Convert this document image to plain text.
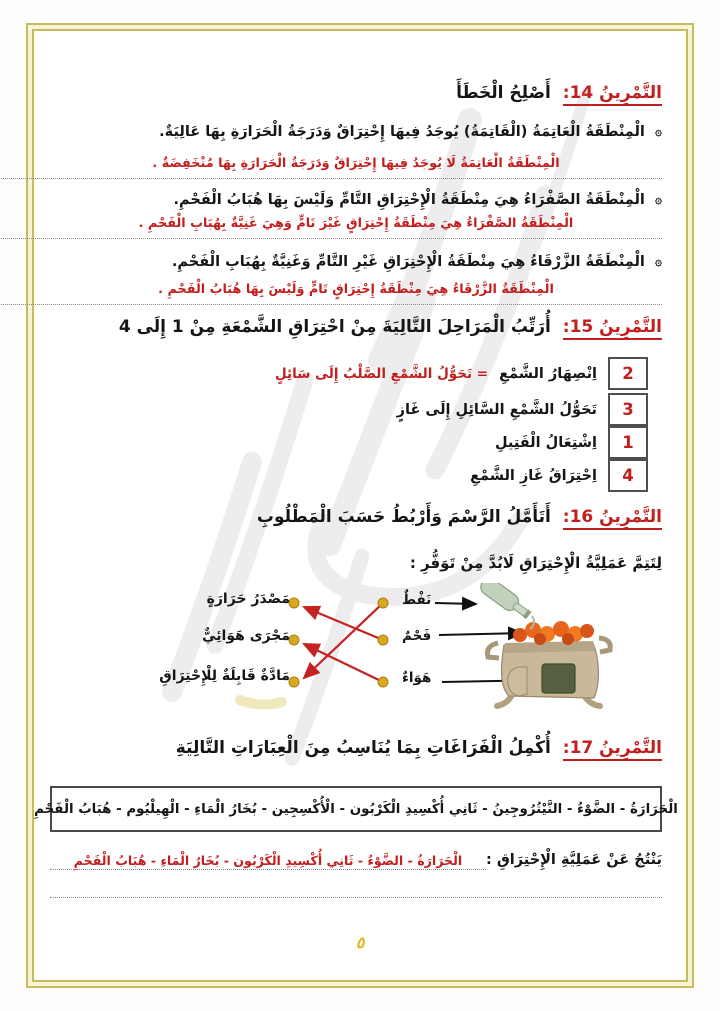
التَّمْرِينُ 14: أَصْلِحُ الْخَطَأَ
۞ الْمِنْطَقَةُ الْعَاتِمَةُ (الْقَاتِمَةُ) يُوجَدُ فِيهَا إِحْتِرَاقٌ وَدَرَجَةُ الْحَرَارَةِ بِهَا عَالِيَةٌ.
الْمِنْطَقَةُ الْعَاتِمَةُ لَا يُوجَدُ فِيهَا إِحْتِرَاقٌ وَدَرَجَةُ الْحَرَارَةِ بِهَا مُنْخَفِضَةٌ .
۞ الْمِنْطَقَةُ الصَّفْرَاءُ هِيَ مِنْطَقَةُ الْإِحْتِرَاقِ التَّامِّ وَلَيْسَ بِهَا هُبَابُ الْفَحْمِ.
الْمِنْطَقَةُ الصَّفْرَاءُ هِيَ مِنْطَقَةُ إِحْتِرَاقٍ غَيْرَ تَامٍّ وَهِيَ غَنِيَّةٌ بِهُبَابِ الْفَحْمِ .
۞ الْمِنْطَقَةُ الزَّرْقَاءُ هِيَ مِنْطَقَةُ الْإِحْتِرَاقِ غَيْرِ التَّامِّ وَغَنِيَّةٌ بِهُبَابِ الْفَحْمِ.
الْمِنْطَقَةُ الزَّرْقَاءُ هِيَ مِنْطَقَةُ إِحْتِرَاقٍ تَامٍّ وَلَيْسَ بِهَا هُبَابُ الْفَحْمِ .
التَّمْرِينُ 15: أُرَتِّبُ الْمَرَاحِلَ التَّالِيَةَ مِنْ احْتِرَاقِ الشَّمْعَةِ مِنْ 1 إِلَى 4
2
اِنْصِهَارُ الشَّمْعِ
= تَحَوُّلُ الشَّمْعِ الصَّلْبُ إِلَى سَائِلٍ
3
تَحَوُّلُ الشَّمْعِ السَّائِلِ إِلَى غَازٍ
1
اِشْتِعَالُ الْفَتِيلِ
4
اِحْتِرَاقُ غَازِ الشَّمْعِ
التَّمْرِينُ 16: أَتَأَمَّلُ الرَّسْمَ وَأَرْبُطُ حَسَبَ الْمَطْلُوبِ
لِتَتِمَّ عَمَلِيَّةُ الْإِحْتِرَاقِ لَابُدَّ مِنْ تَوَفُّرِ :
مَصْدَرُ حَرَارَةٍ
مَجْرَى هَوَائِيٌّ
مَادَّةٌ قَابِلَةٌ لِلْإِحْتِرَاقِ
نَفْطٌ
فَحْمٌ
هَوَاءٌ
التَّمْرِينُ 17: أُكْمِلُ الْفَرَاغَاتِ بِمَا يُنَاسِبُ مِنَ الْعِبَارَاتِ التَّالِيَةِ
الْحَرَارَةُ - الضَّوْءُ - النَّيْتُرُوجِينُ - ثَانِي أُكْسِيدِ الْكَرْبُون - الْأُكْسِجِين - بُخَارُ الْمَاءِ - الْهِيلْيُوم - هُبَابُ الْفَحْمِ
يَنْتُجُ عَنْ عَمَلِيَّةِ الْإِحْتِرَاقِ :
الْحَرَارَةُ - الضَّوْءُ - ثَانِي أُكْسِيدِ الْكَرْبُون - بُخَارُ الْمَاءِ - هُبَابُ الْفَحْمِ
٥
